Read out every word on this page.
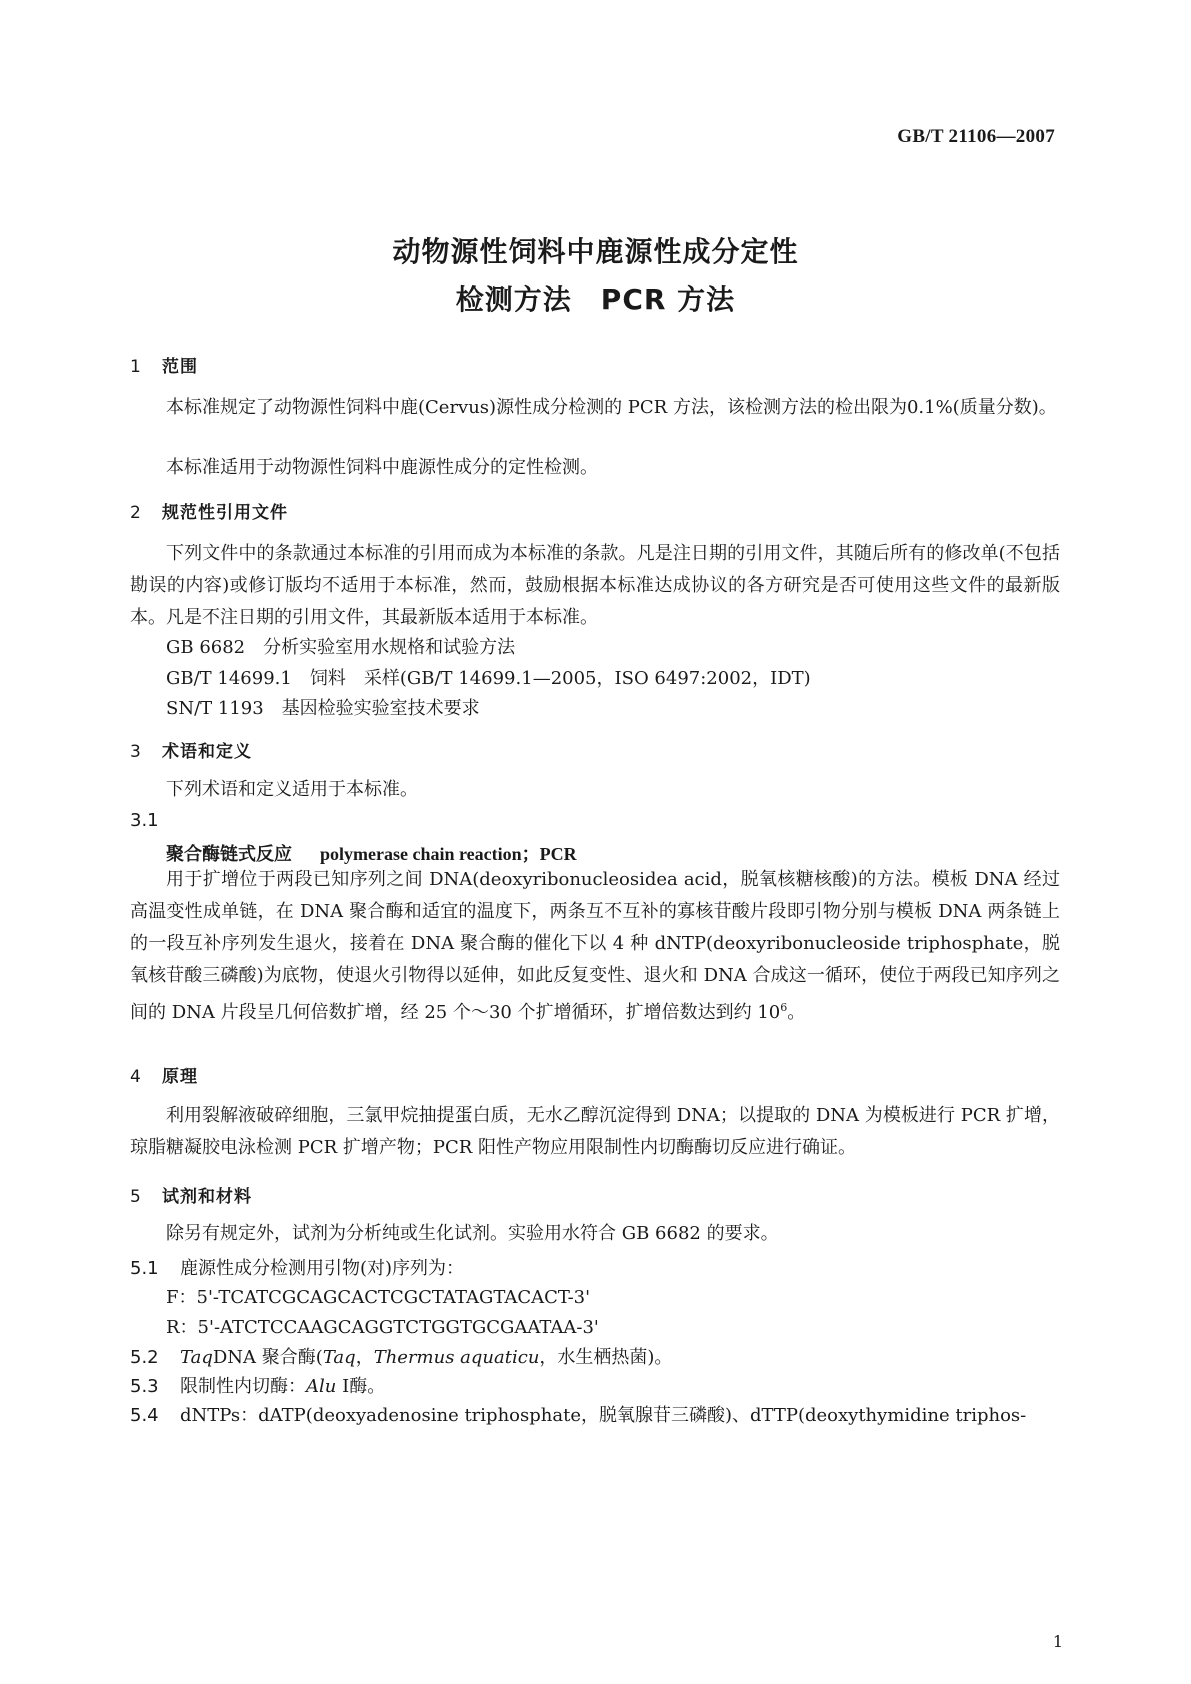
GB/T 21106—2007
动物源性饲料中鹿源性成分定性
检测方法　PCR 方法
1 范围
本标准规定了动物源性饲料中鹿(Cervus)源性成分检测的 PCR 方法，该检测方法的检出限为0.1%(质量分数)。
本标准适用于动物源性饲料中鹿源性成分的定性检测。
2 规范性引用文件
下列文件中的条款通过本标准的引用而成为本标准的条款。凡是注日期的引用文件，其随后所有的修改单(不包括勘误的内容)或修订版均不适用于本标准，然而，鼓励根据本标准达成协议的各方研究是否可使用这些文件的最新版本。凡是不注日期的引用文件，其最新版本适用于本标准。
GB 6682　分析实验室用水规格和试验方法
GB/T 14699.1　饲料　采样(GB/T 14699.1—2005，ISO 6497:2002，IDT)
SN/T 1193　基因检验实验室技术要求
3 术语和定义
下列术语和定义适用于本标准。
3.1
聚合酶链式反应 polymerase chain reaction；PCR
用于扩增位于两段已知序列之间 DNA(deoxyribonucleosidea acid，脱氧核糖核酸)的方法。模板 DNA 经过高温变性成单链，在 DNA 聚合酶和适宜的温度下，两条互不互补的寡核苷酸片段即引物分别与模板 DNA 两条链上的一段互补序列发生退火，接着在 DNA 聚合酶的催化下以 4 种 dNTP(deoxyribonucleoside triphosphate，脱氧核苷酸三磷酸)为底物，使退火引物得以延伸，如此反复变性、退火和 DNA 合成这一循环，使位于两段已知序列之间的 DNA 片段呈几何倍数扩增，经 25 个～30 个扩增循环，扩增倍数达到约 $10^6$。
4 原理
利用裂解液破碎细胞，三氯甲烷抽提蛋白质，无水乙醇沉淀得到 DNA；以提取的 DNA 为模板进行 PCR 扩增，琼脂糖凝胶电泳检测 PCR 扩增产物；PCR 阳性产物应用限制性内切酶酶切反应进行确证。
5 试剂和材料
除另有规定外，试剂为分析纯或生化试剂。实验用水符合 GB 6682 的要求。
5.1 鹿源性成分检测用引物(对)序列为：
F：5'-TCATCGCAGCACTCGCTATAGTACACT-3'
R：5'-ATCTCCAAGCAGGTCTGGTGCGAATAA-3'
5.2 TaqDNA 聚合酶(Taq，Thermus aquaticu，水生栖热菌)。
5.3 限制性内切酶：Alu Ⅰ酶。
5.4 dNTPs：dATP(deoxyadenosine triphosphate，脱氧腺苷三磷酸)、dTTP(deoxythymidine triphos-
1
